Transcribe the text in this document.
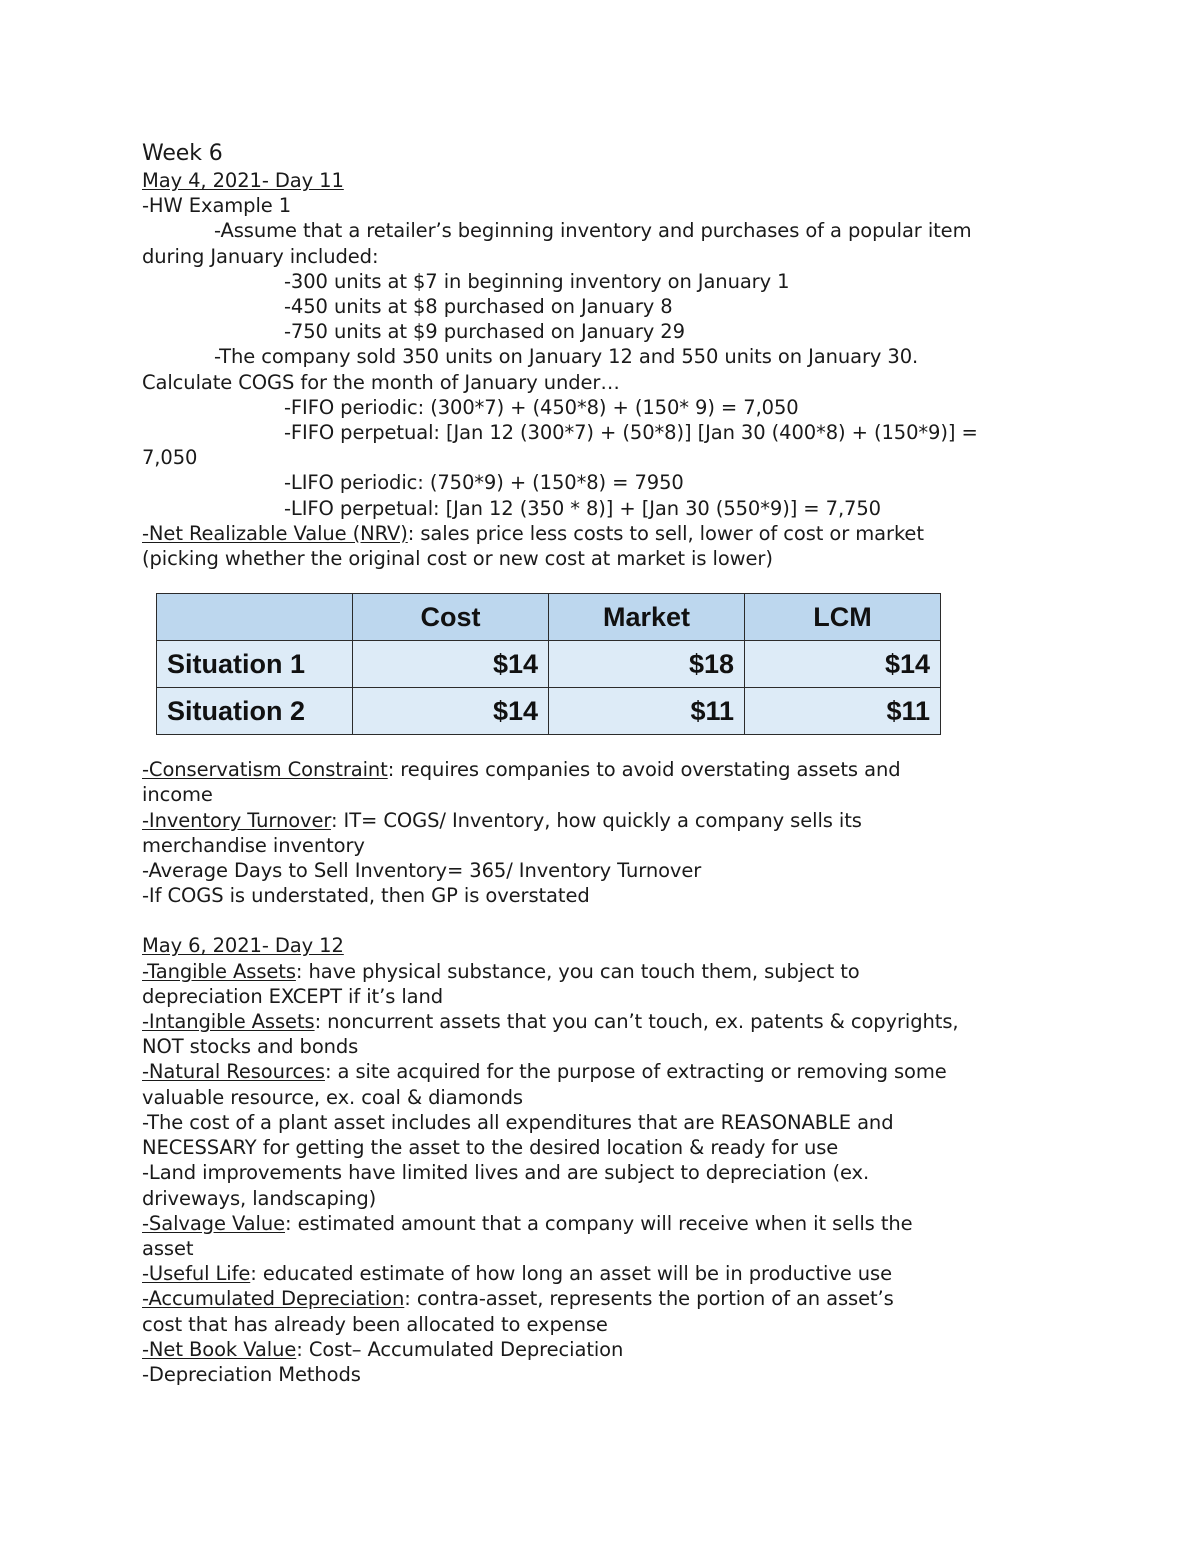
Week 6
May 4, 2021- Day 11
-HW Example 1
-Assume that a retailer’s beginning inventory and purchases of a popular item
during January included:
-300 units at $7 in beginning inventory on January 1
-450 units at $8 purchased on January 8
-750 units at $9 purchased on January 29
-The company sold 350 units on January 12 and 550 units on January 30.
Calculate COGS for the month of January under…
-FIFO periodic: (300*7) + (450*8) + (150* 9) = 7,050
-FIFO perpetual: [Jan 12 (300*7) + (50*8)] [Jan 30 (400*8) + (150*9)] =
7,050
-LIFO periodic: (750*9) + (150*8) = 7950
-LIFO perpetual: [Jan 12 (350 * 8)] + [Jan 30 (550*9)] = 7,750
-Net Realizable Value (NRV): sales price less costs to sell, lower of cost or market
(picking whether the original cost or new cost at market is lower)
	Cost	Market	LCM
Situation 1	$14	$18	$14
Situation 2	$14	$11	$11
-Conservatism Constraint: requires companies to avoid overstating assets and
income
-Inventory Turnover: IT= COGS/ Inventory, how quickly a company sells its
merchandise inventory
-Average Days to Sell Inventory= 365/ Inventory Turnover
-If COGS is understated, then GP is overstated
May 6, 2021- Day 12
-Tangible Assets: have physical substance, you can touch them, subject to
depreciation EXCEPT if it’s land
-Intangible Assets: noncurrent assets that you can’t touch, ex. patents & copyrights,
NOT stocks and bonds
-Natural Resources: a site acquired for the purpose of extracting or removing some
valuable resource, ex. coal & diamonds
-The cost of a plant asset includes all expenditures that are REASONABLE and
NECESSARY for getting the asset to the desired location & ready for use
-Land improvements have limited lives and are subject to depreciation (ex.
driveways, landscaping)
-Salvage Value: estimated amount that a company will receive when it sells the
asset
-Useful Life: educated estimate of how long an asset will be in productive use
-Accumulated Depreciation: contra-asset, represents the portion of an asset’s
cost that has already been allocated to expense
-Net Book Value: Cost– Accumulated Depreciation
-Depreciation Methods
